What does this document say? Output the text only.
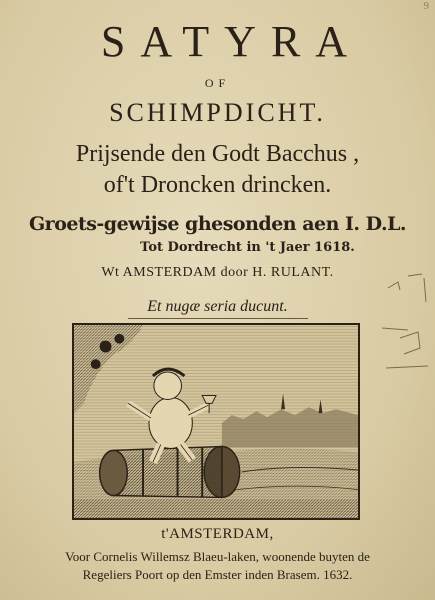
9
SATYRA
OF
SCHIMPDICHT.
Prijsende den Godt Bacchus ,
of't Droncken drincken.
Groets-gewijse ghesonden aen I. D.L.
Tot Dordrecht in 't Jaer 1618.
Wt AMSTERDAM door H. RULANT.
Et nugæ seria ducunt.
t'AMSTERDAM,
Voor Cornelis Willemsz Blaeu-laken, woonende buyten de
Regeliers Poort op den Emster inden Brasem. 1632.
